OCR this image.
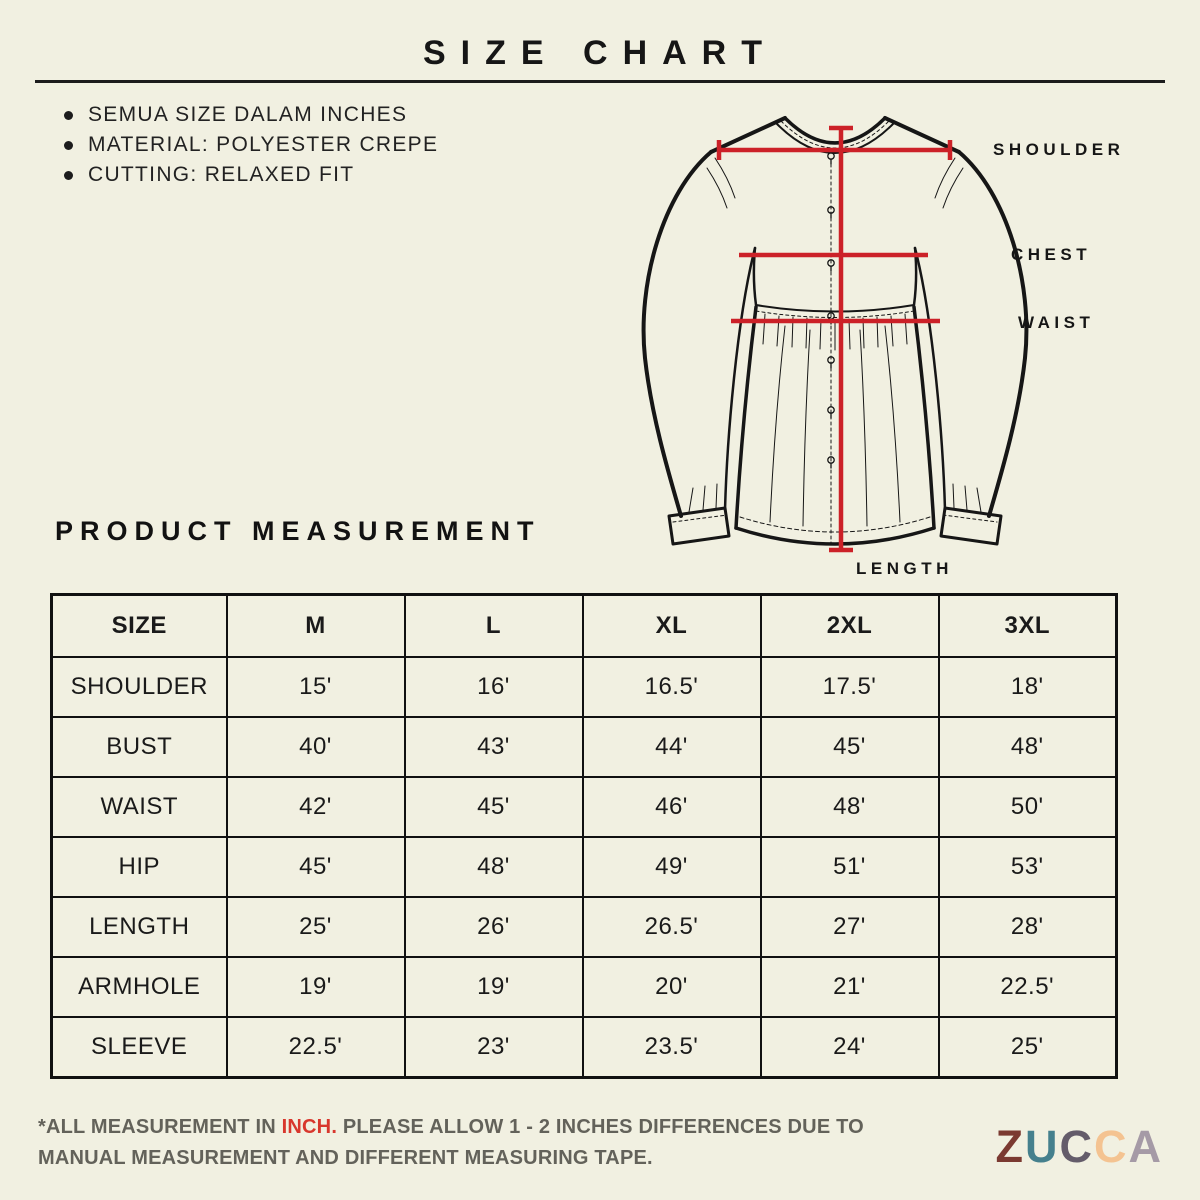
SIZE CHART
SEMUA SIZE DALAM INCHES
MATERIAL: POLYESTER CREPE
CUTTING: RELAXED FIT
SHOULDER
CHEST
WAIST
LENGTH
PRODUCT MEASUREMENT
SIZE	M	L	XL	2XL	3XL
SHOULDER	15'	16'	16.5'	17.5'	18'
BUST	40'	43'	44'	45'	48'
WAIST	42'	45'	46'	48'	50'
HIP	45'	48'	49'	51'	53'
LENGTH	25'	26'	26.5'	27'	28'
ARMHOLE	19'	19'	20'	21'	22.5'
SLEEVE	22.5'	23'	23.5'	24'	25'
*ALL MEASUREMENT IN INCH. PLEASE ALLOW 1 - 2 INCHES DIFFERENCES DUE TO MANUAL MEASUREMENT AND DIFFERENT MEASURING TAPE.	ZUCCA
